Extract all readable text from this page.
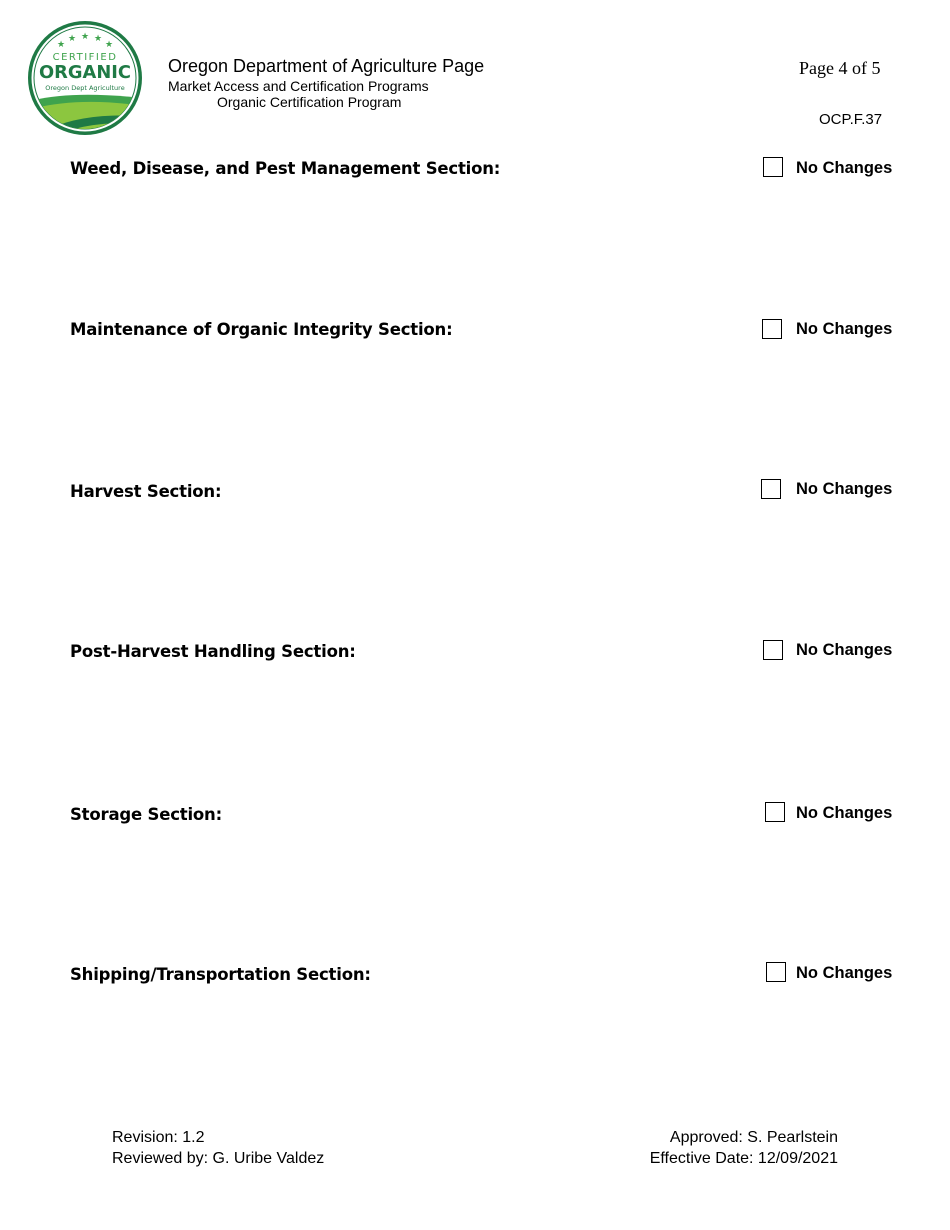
★
★ ★ ★
★
CERTIFIED
ORGANIC
Oregon Dept Agriculture
Oregon Department of Agriculture Page
Market Access and Certification Programs
Organic Certification Program
Page 4 of 5
OCP.F.37
Weed, Disease, and Pest Management Section:	No Changes
Maintenance of Organic Integrity Section:	No Changes
Harvest Section:	No Changes
Post-Harvest Handling Section:	No Changes
Storage Section:	No Changes
Shipping/Transportation Section:	No Changes
Revision: 1.2
Reviewed by: G. Uribe Valdez
Approved: S. Pearlstein
Effective Date: 12/09/2021
